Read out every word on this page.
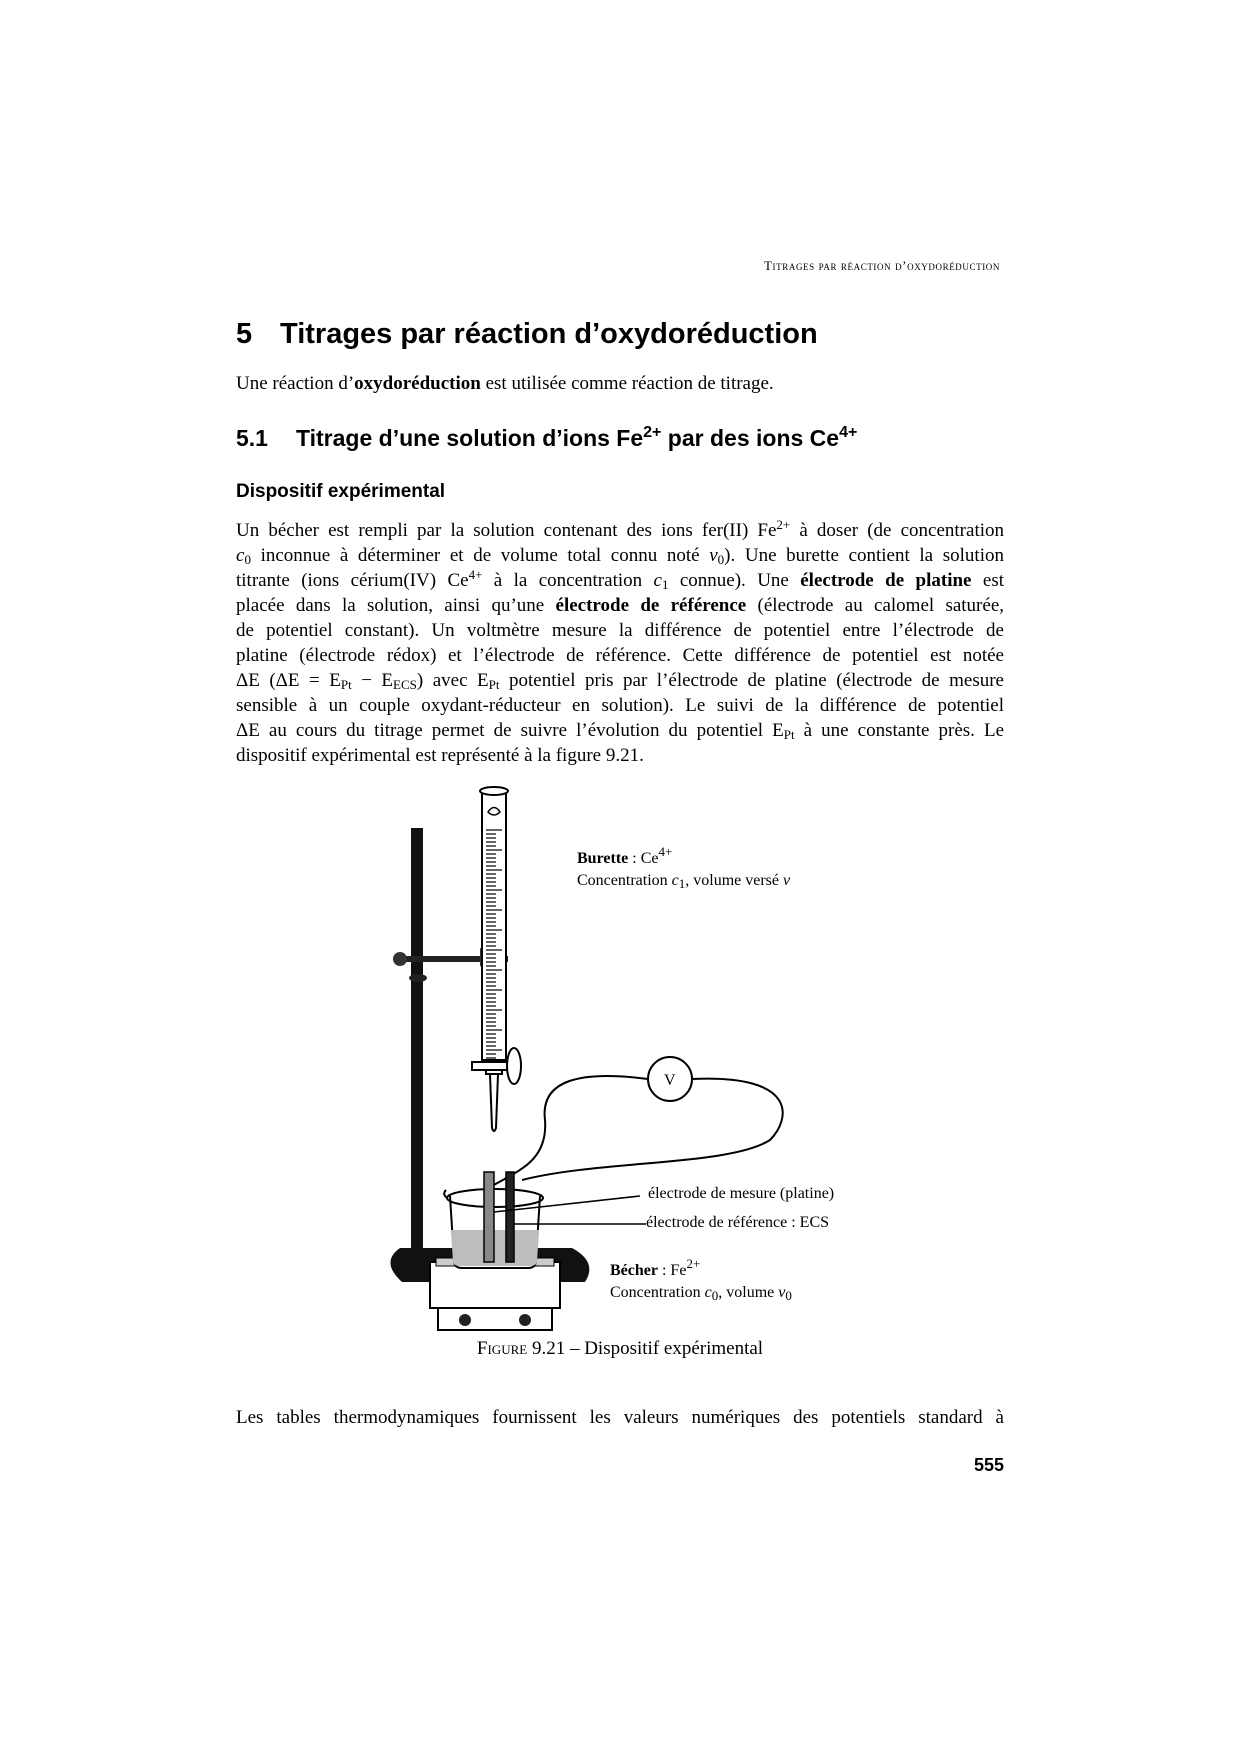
Titrages par réaction d’oxydoréduction
5 Titrages par réaction d’oxydoréduction
Une réaction d’oxydoréduction est utilisée comme réaction de titrage.
5.1 Titrage d’une solution d’ions $Fe^{2+}$ par des ions $Ce^{4+}$
Dispositif expérimental
Un bécher est rempli par la solution contenant des ions fer(II) $Fe^{2+}$ à doser (de concentration
$c_0$ inconnue à déterminer et de volume total connu noté $v_0$). Une burette contient la solution
titrante (ions cérium(IV) $Ce^{4+}$ à la concentration $c_1$ connue). Une électrode de platine est
placée dans la solution, ainsi qu’une électrode de référence (électrode au calomel saturée,
de potentiel constant). Un voltmètre mesure la différence de potentiel entre l’électrode de
platine (électrode rédox) et l’électrode de référence. Cette différence de potentiel est notée
ΔE $(\Delta E = E_{Pt} - E_{ECS})$ avec $E_{Pt}$ potentiel pris par l’électrode de platine (électrode de mesure
sensible à un couple oxydant-réducteur en solution). Le suivi de la différence de potentiel
ΔE au cours du titrage permet de suivre l’évolution du potentiel $E_{Pt}$ à une constante près. Le
dispositif expérimental est représenté à la figure 9.21.
V
Burette : $Ce^{4+}$
Concentration $c_1$, volume versé v
électrode de mesure (platine)
électrode de référence : ECS
Bécher : $Fe^{2+}$
Concentration $c_0$, volume $v_0$
Figure 9.21 – Dispositif expérimental
Les tables thermodynamiques fournissent les valeurs numériques des potentiels standard à
555
